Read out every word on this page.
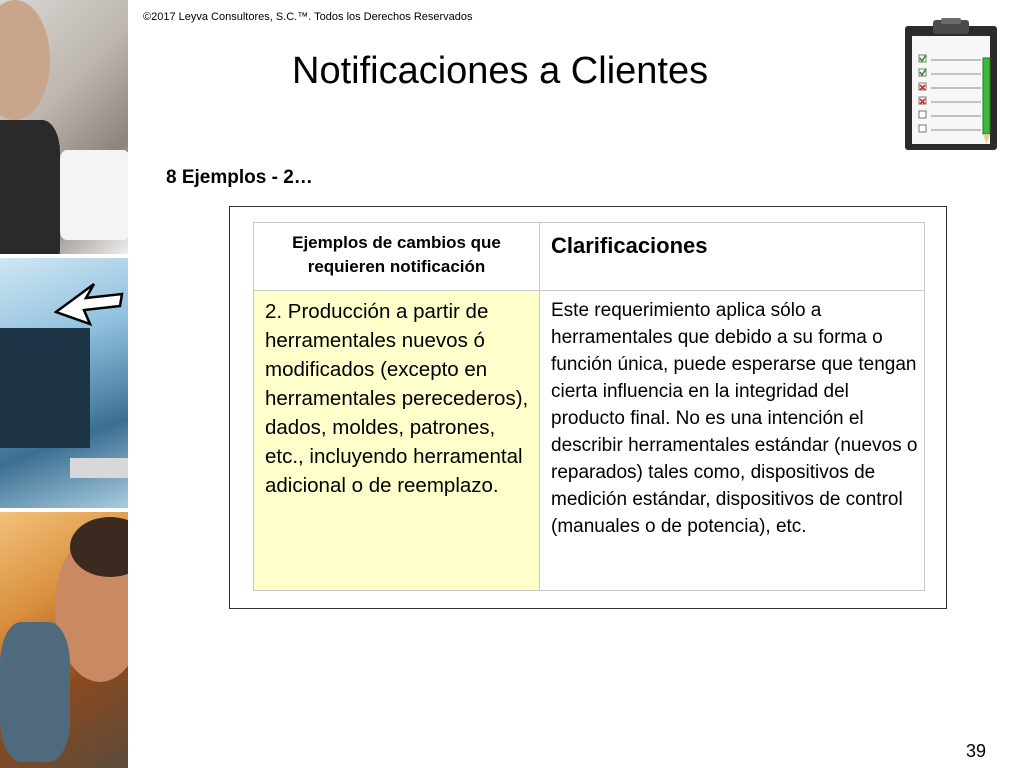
©2017 Leyva Consultores, S.C.™. Todos los Derechos Reservados
Notificaciones a Clientes
8 Ejemplos - 2…
Ejemplos de cambios que requieren notificación	Clarificaciones
2. Producción a partir de herramentales nuevos ó modificados (excepto en herramentales perecederos), dados, moldes, patrones, etc., incluyendo herramental adicional o de reemplazo.	Este requerimiento aplica sólo a herramentales que debido a su forma o función única, puede esperarse que tengan cierta influencia en la integridad del producto final. No es una intención el describir herramentales estándar (nuevos o reparados) tales como, dispositivos de medición estándar, dispositivos de control (manuales o de potencia), etc.
39
